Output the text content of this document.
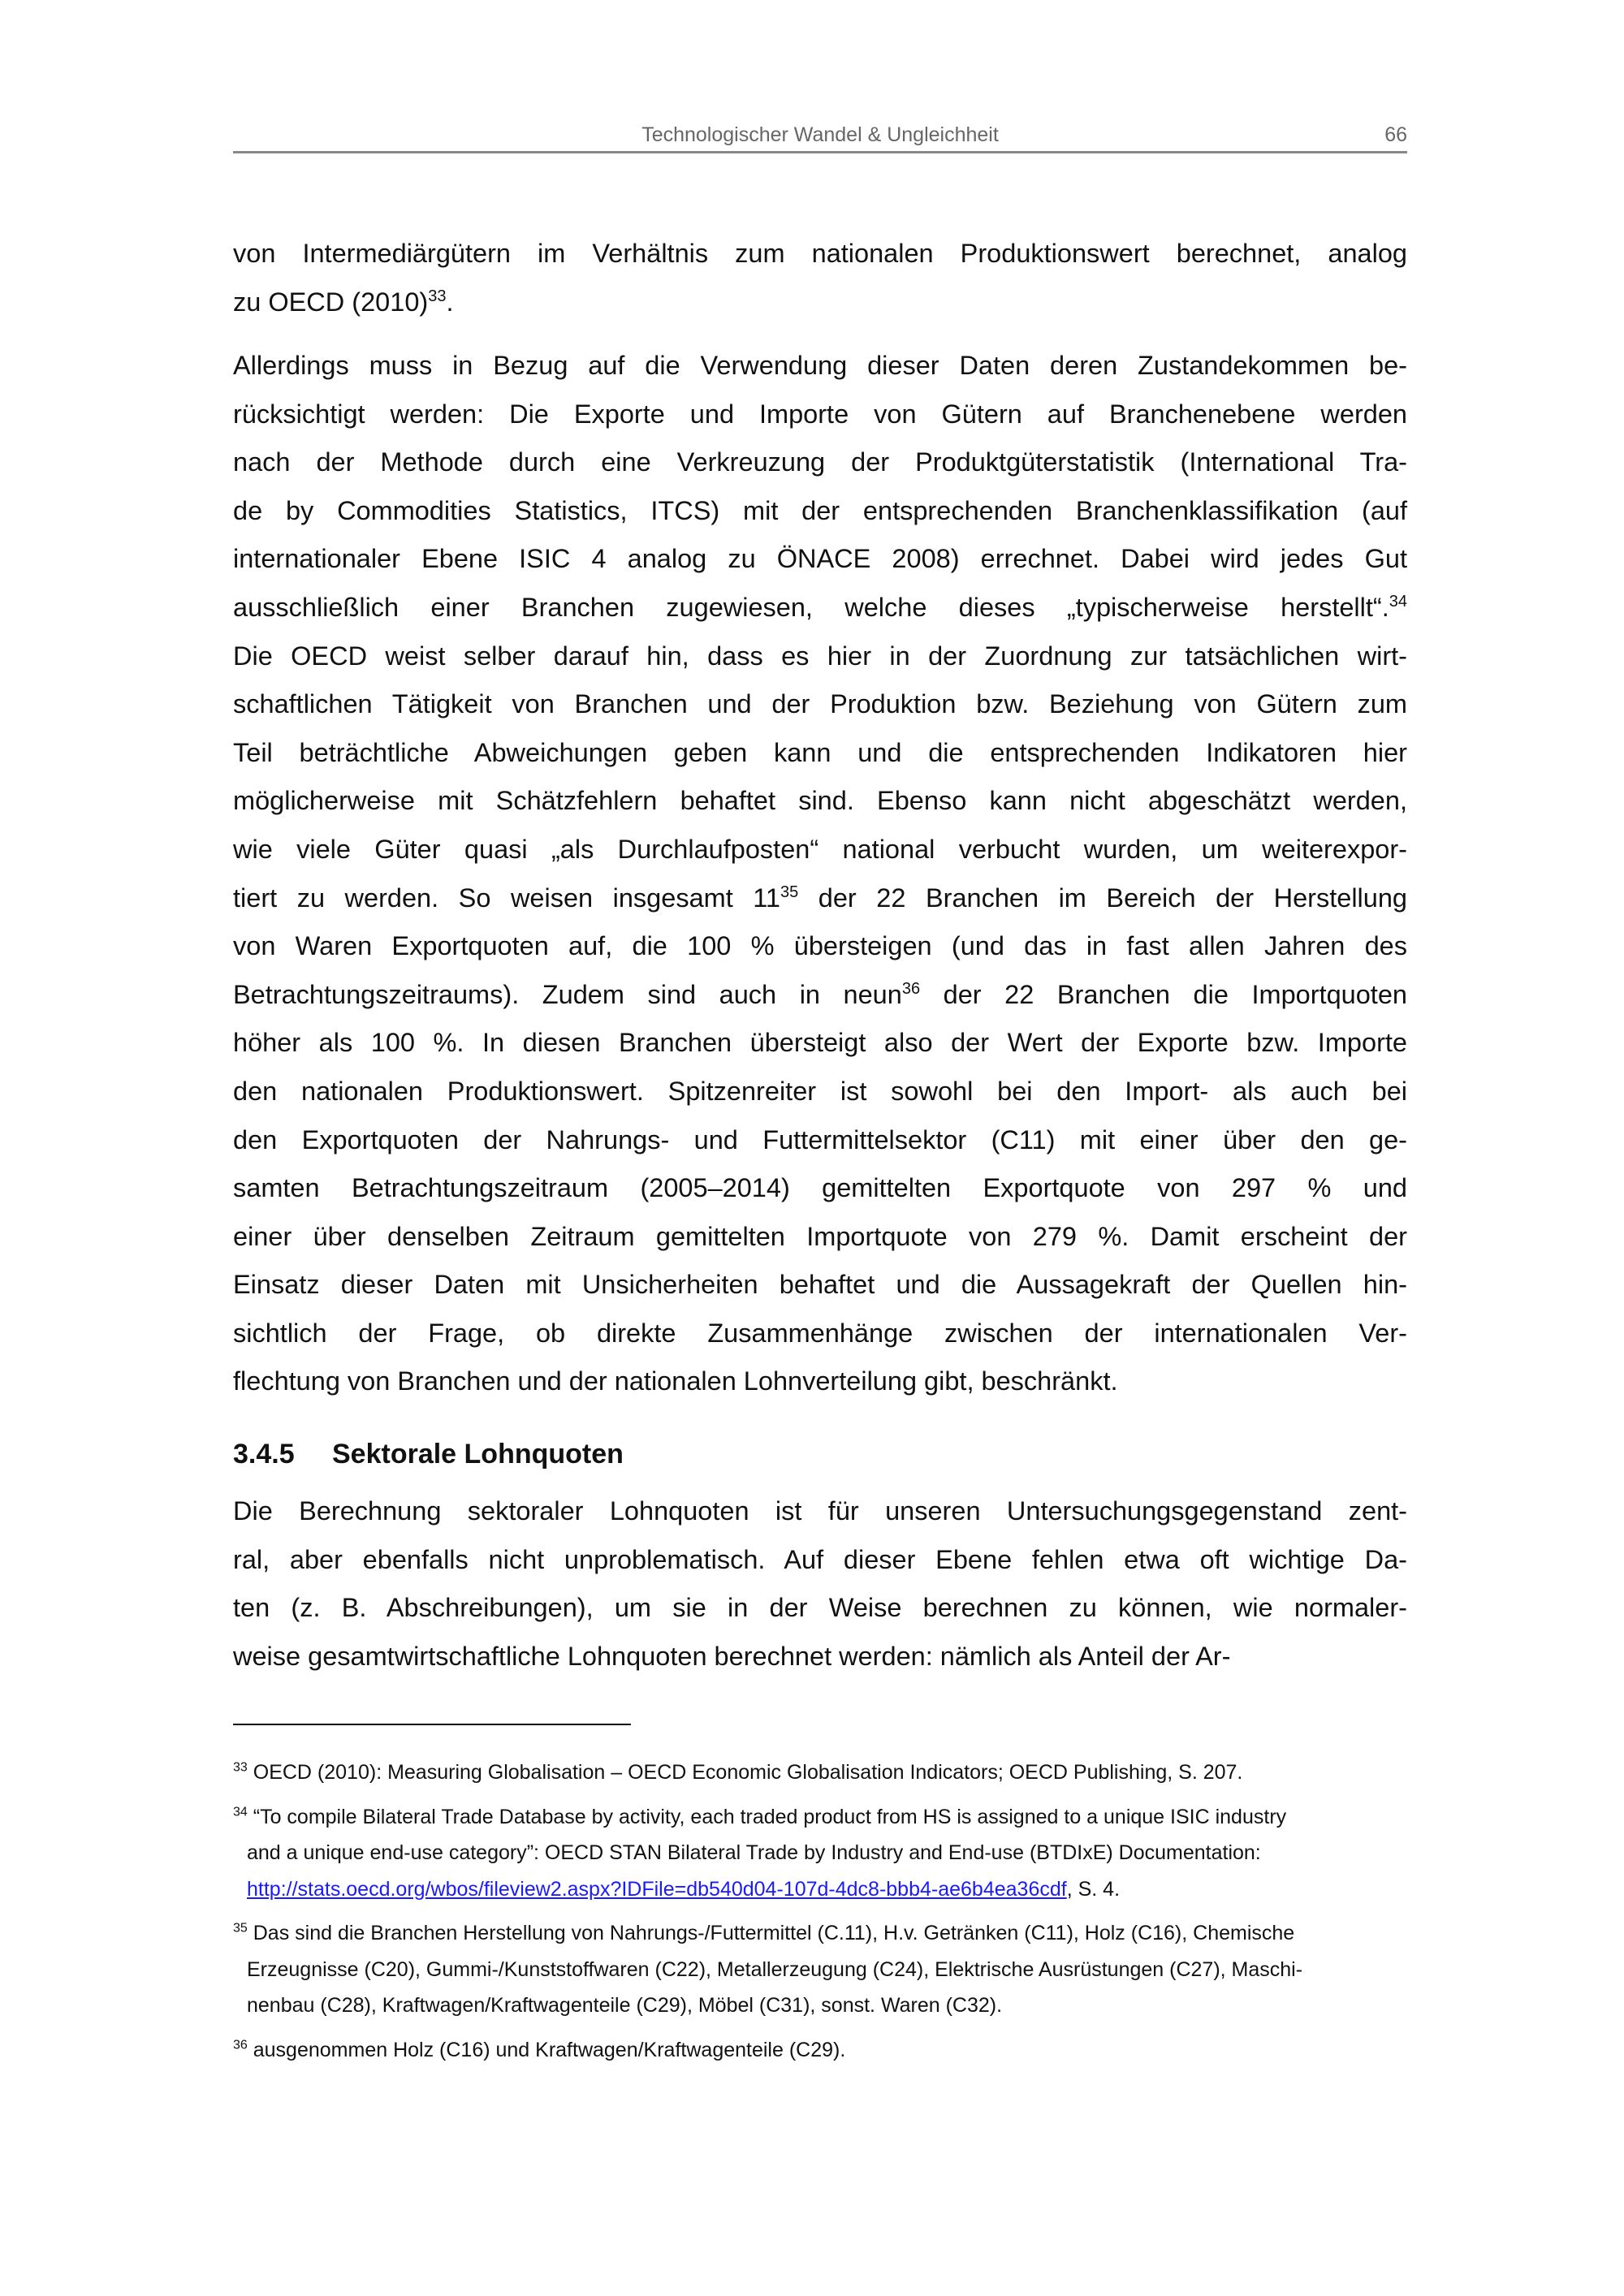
Technologischer Wandel & Ungleichheit	66
von Intermediärgütern im Verhältnis zum nationalen Produktionswert berechnet, analog
zu OECD $(2010)^{33}$.
Allerdings muss in Bezug auf die Verwendung dieser Daten deren Zustandekommen be-
rücksichtigt werden: Die Exporte und Importe von Gütern auf Branchenebene werden
nach der Methode durch eine Verkreuzung der Produktgüterstatistik (International Tra-
de by Commodities Statistics, ITCS) mit der entsprechenden Branchenklassifikation (auf
internationaler Ebene ISIC 4 analog zu ÖNACE 2008) errechnet. Dabei wird jedes Gut
ausschließlich einer Branchen zugewiesen, welche dieses „typischerweise herstellt“.$^{34}$
Die OECD weist selber darauf hin, dass es hier in der Zuordnung zur tatsächlichen wirt-
schaftlichen Tätigkeit von Branchen und der Produktion bzw. Beziehung von Gütern zum
Teil beträchtliche Abweichungen geben kann und die entsprechenden Indikatoren hier
möglicherweise mit Schätzfehlern behaftet sind. Ebenso kann nicht abgeschätzt werden,
wie viele Güter quasi „als Durchlaufposten“ national verbucht wurden, um weiterexpor-
tiert zu werden. So weisen insgesamt $11^{35}$ der 22 Branchen im Bereich der Herstellung
von Waren Exportquoten auf, die 100 % übersteigen (und das in fast allen Jahren des
Betrachtungszeitraums). Zudem sind auch in neun$^{36}$ der 22 Branchen die Importquoten
höher als 100 %. In diesen Branchen übersteigt also der Wert der Exporte bzw. Importe
den nationalen Produktionswert. Spitzenreiter ist sowohl bei den Import- als auch bei
den Exportquoten der Nahrungs- und Futtermittelsektor (C11) mit einer über den ge-
samten Betrachtungszeitraum (2005–2014) gemittelten Exportquote von 297 % und
einer über denselben Zeitraum gemittelten Importquote von 279 %. Damit erscheint der
Einsatz dieser Daten mit Unsicherheiten behaftet und die Aussagekraft der Quellen hin-
sichtlich der Frage, ob direkte Zusammenhänge zwischen der internationalen Ver-
flechtung von Branchen und der nationalen Lohnverteilung gibt, beschränkt.
3.4.5 Sektorale Lohnquoten
Die Berechnung sektoraler Lohnquoten ist für unseren Untersuchungsgegenstand zent-
ral, aber ebenfalls nicht unproblematisch. Auf dieser Ebene fehlen etwa oft wichtige Da-
ten (z. B. Abschreibungen), um sie in der Weise berechnen zu können, wie normaler-
weise gesamtwirtschaftliche Lohnquoten berechnet werden: nämlich als Anteil der Ar-
$^{33}$ OECD (2010): Measuring Globalisation – OECD Economic Globalisation Indicators; OECD Publishing, S. 207.
$^{34}$ “To compile Bilateral Trade Database by activity, each traded product from HS is assigned to a unique ISIC industry
and a unique end-use category”: OECD STAN Bilateral Trade by Industry and End-use (BTDIxE) Documentation:
http://stats.oecd.org/wbos/fileview2.aspx?IDFile=db540d04-107d-4dc8-bbb4-ae6b4ea36cdf, S. 4.
$^{35}$ Das sind die Branchen Herstellung von Nahrungs-/Futtermittel (C.11), H.v. Getränken (C11), Holz (C16), Chemische
Erzeugnisse (C20), Gummi-/Kunststoffwaren (C22), Metallerzeugung (C24), Elektrische Ausrüstungen (C27), Maschi-
nenbau (C28), Kraftwagen/Kraftwagenteile (C29), Möbel (C31), sonst. Waren (C32).
$^{36}$ ausgenommen Holz (C16) und Kraftwagen/Kraftwagenteile (C29).
